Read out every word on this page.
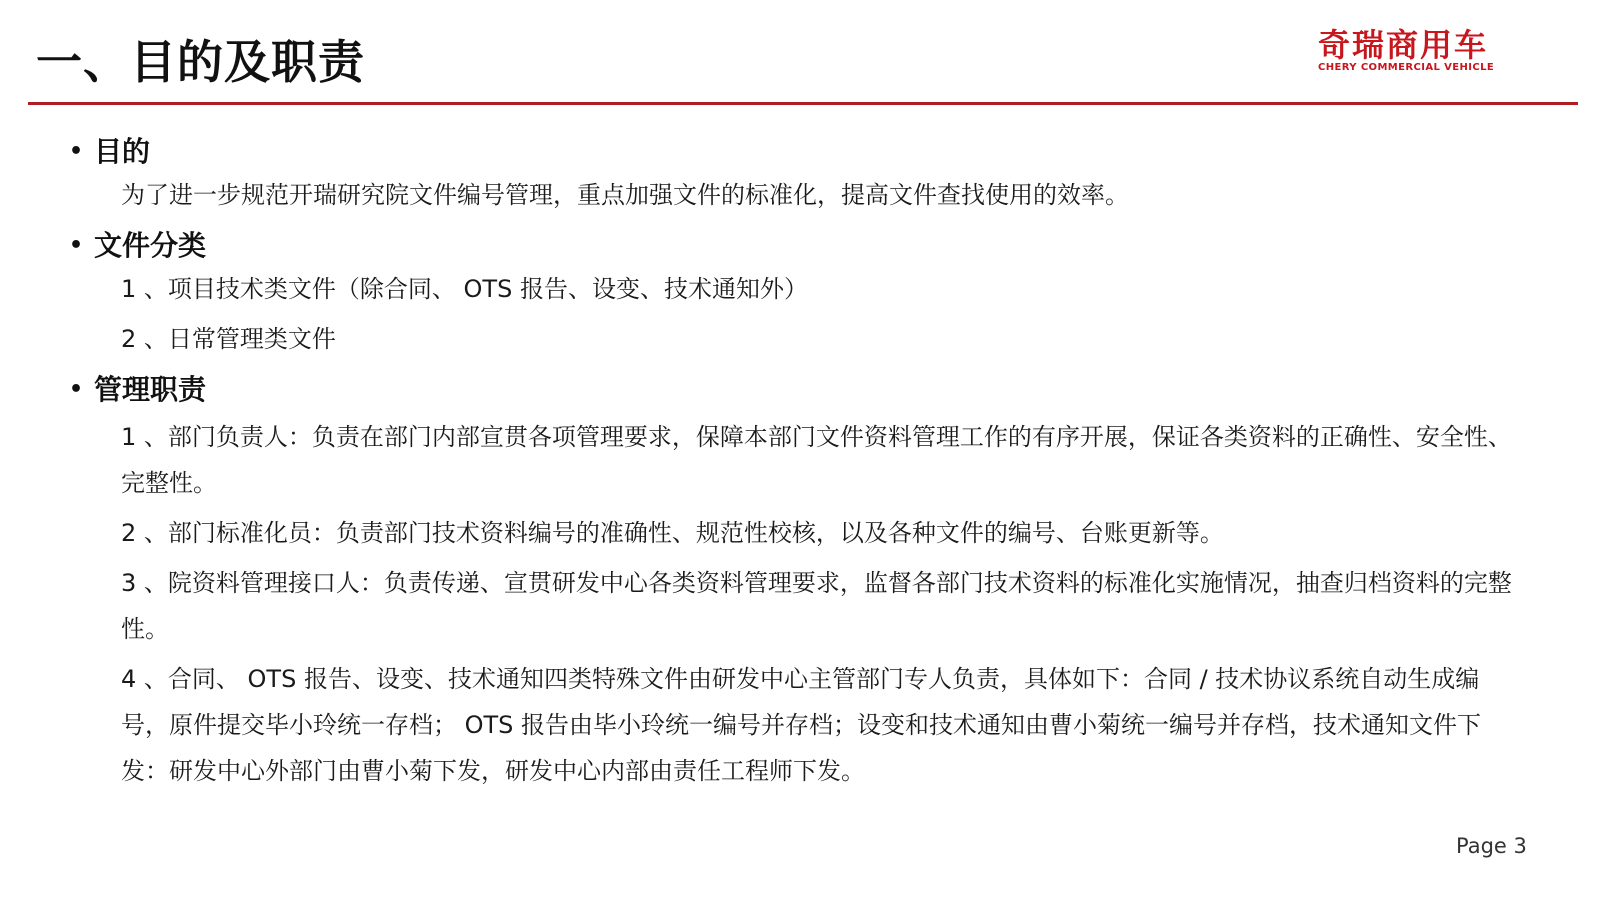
一、目的及职责	奇瑞商用车
CHERY COMMERCIAL VEHICLE
• 目的
为了进一步规范开瑞研究院文件编号管理，重点加强文件的标准化，提高文件查找使用的效率。
• 文件分类
1 、项目技术类文件（除合同、 OTS 报告、设变、技术通知外）
2 、日常管理类文件
• 管理职责
1 、部门负责人：负责在部门内部宣贯各项管理要求，保障本部门文件资料管理工作的有序开展，保证各类资料的正确性、安全性、完整性。
2 、部门标准化员：负责部门技术资料编号的准确性、规范性校核，以及各种文件的编号、台账更新等。
3 、院资料管理接口人：负责传递、宣贯研发中心各类资料管理要求，监督各部门技术资料的标准化实施情况，抽查归档资料的完整性。
4 、合同、 OTS 报告、设变、技术通知四类特殊文件由研发中心主管部门专人负责，具体如下：合同 / 技术协议系统自动生成编号，原件提交毕小玲统一存档； OTS 报告由毕小玲统一编号并存档；设变和技术通知由曹小菊统一编号并存档，技术通知文件下发：研发中心外部门由曹小菊下发，研发中心内部由责任工程师下发。
Page 3
